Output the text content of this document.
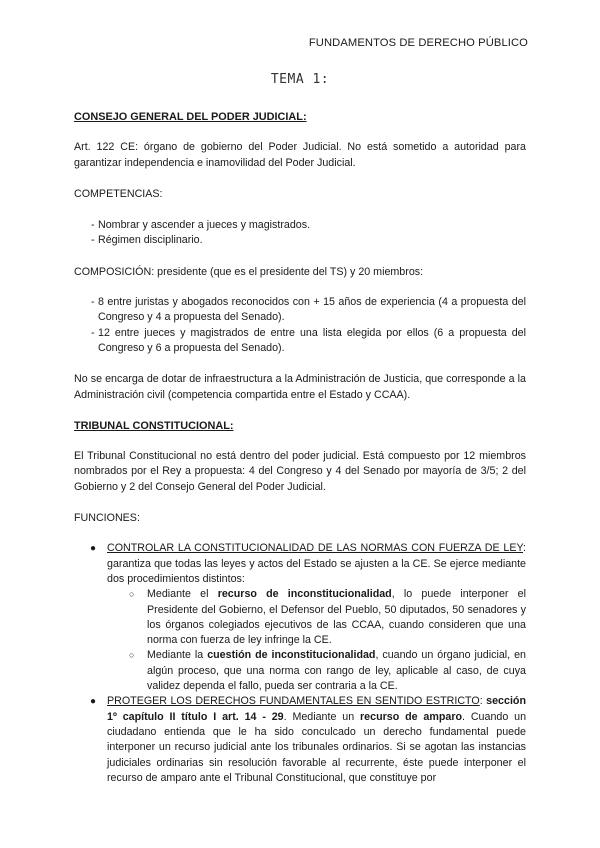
FUNDAMENTOS DE DERECHO PÚBLICO
TEMA 1:

CONSEJO GENERAL DEL PODER JUDICIAL:

Art. 122 CE: órgano de gobierno del Poder Judicial. No está sometido a autoridad para garantizar independencia e inamovilidad del Poder Judicial.

COMPETENCIAS:

- Nombrar y ascender a jueces y magistrados.
- Régimen disciplinario.

COMPOSICIÓN: presidente (que es el presidente del TS) y 20 miembros:

- 8 entre juristas y abogados reconocidos con + 15 años de experiencia (4 a propuesta del Congreso y 4 a propuesta del Senado).
- 12 entre jueces y magistrados de entre una lista elegida por ellos (6 a propuesta del Congreso y 6 a propuesta del Senado).

No se encarga de dotar de infraestructura a la Administración de Justicia, que corresponde a la Administración civil (competencia compartida entre el Estado y CCAA).

TRIBUNAL CONSTITUCIONAL:

El Tribunal Constitucional no está dentro del poder judicial. Está compuesto por 12 miembros nombrados por el Rey a propuesta: 4 del Congreso y 4 del Senado por mayoría de 3/5; 2 del Gobierno y 2 del Consejo General del Poder Judicial.

FUNCIONES:

● CONTROLAR LA CONSTITUCIONALIDAD DE LAS NORMAS CON FUERZA DE LEY: garantiza que todas las leyes y actos del Estado se ajusten a la CE. Se ejerce mediante dos procedimientos distintos:
○ Mediante el recurso de inconstitucionalidad, lo puede interponer el Presidente del Gobierno, el Defensor del Pueblo, 50 diputados, 50 senadores y los órganos colegiados ejecutivos de las CCAA, cuando consideren que una norma con fuerza de ley infringe la CE.
○ Mediante la cuestión de inconstitucionalidad, cuando un órgano judicial, en algún proceso, que una norma con rango de ley, aplicable al caso, de cuya validez dependa el fallo, pueda ser contraria a la CE.
● PROTEGER LOS DERECHOS FUNDAMENTALES EN SENTIDO ESTRICTO: sección 1º capítulo II título I art. 14 - 29. Mediante un recurso de amparo. Cuando un ciudadano entienda que le ha sido conculcado un derecho fundamental puede interponer un recurso judicial ante los tribunales ordinarios. Si se agotan las instancias judiciales ordinarias sin resolución favorable al recurrente, éste puede interponer el recurso de amparo ante el Tribunal Constitucional, que constituye por
